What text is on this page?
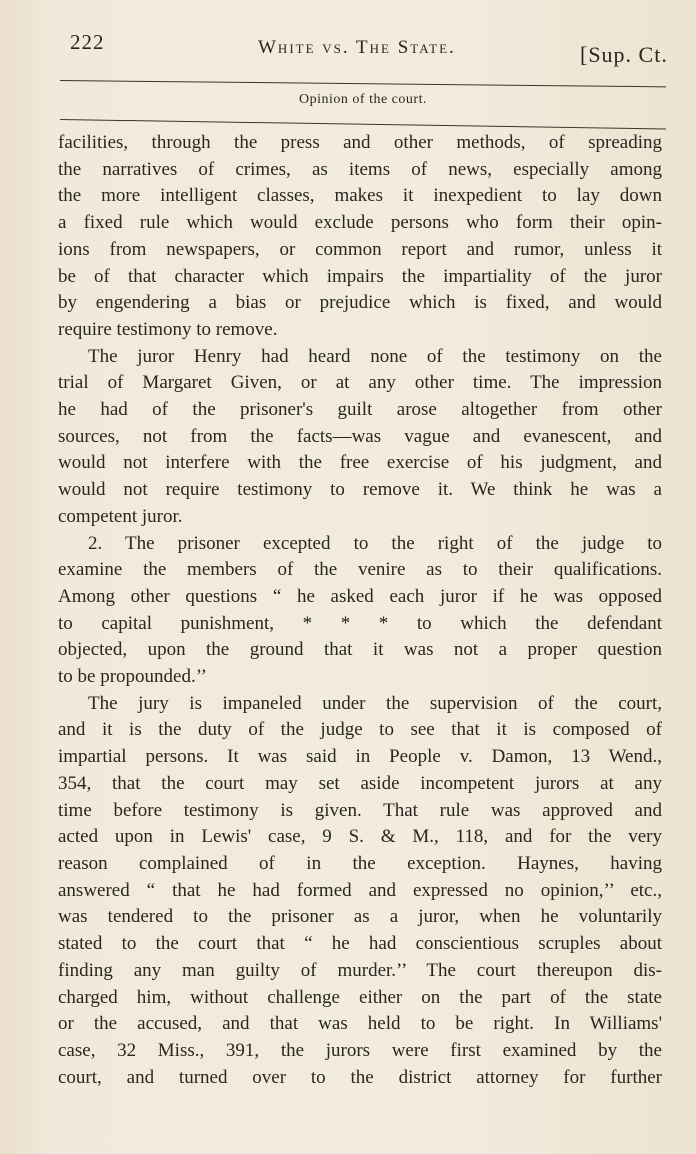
222	White vs. The State.	[Sup. Ct.
Opinion of the court.
facilities, through the press and other methods, of spreading
the narratives of crimes, as items of news, especially among
the more intelligent classes, makes it inexpedient to lay down
a fixed rule which would exclude persons who form their opin-
ions from newspapers, or common report and rumor, unless it
be of that character which impairs the impartiality of the juror
by engendering a bias or prejudice which is fixed, and would
require testimony to remove.
The juror Henry had heard none of the testimony on the
trial of Margaret Given, or at any other time. The impression
he had of the prisoner's guilt arose altogether from other
sources, not from the facts—was vague and evanescent, and
would not interfere with the free exercise of his judgment, and
would not require testimony to remove it. We think he was a
competent juror.
2. The prisoner excepted to the right of the judge to
examine the members of the venire as to their qualifications.
Among other questions “ he asked each juror if he was opposed
to capital punishment, * * * to which the defendant
objected, upon the ground that it was not a proper question
to be propounded.’’
The jury is impaneled under the supervision of the court,
and it is the duty of the judge to see that it is composed of
impartial persons. It was said in People v. Damon, 13 Wend.,
354, that the court may set aside incompetent jurors at any
time before testimony is given. That rule was approved and
acted upon in Lewis' case, 9 S. & M., 118, and for the very
reason complained of in the exception. Haynes, having
answered “ that he had formed and expressed no opinion,’’ etc.,
was tendered to the prisoner as a juror, when he voluntarily
stated to the court that “ he had conscientious scruples about
finding any man guilty of murder.’’ The court thereupon dis-
charged him, without challenge either on the part of the state
or the accused, and that was held to be right. In Williams'
case, 32 Miss., 391, the jurors were first examined by the
court, and turned over to the district attorney for further
